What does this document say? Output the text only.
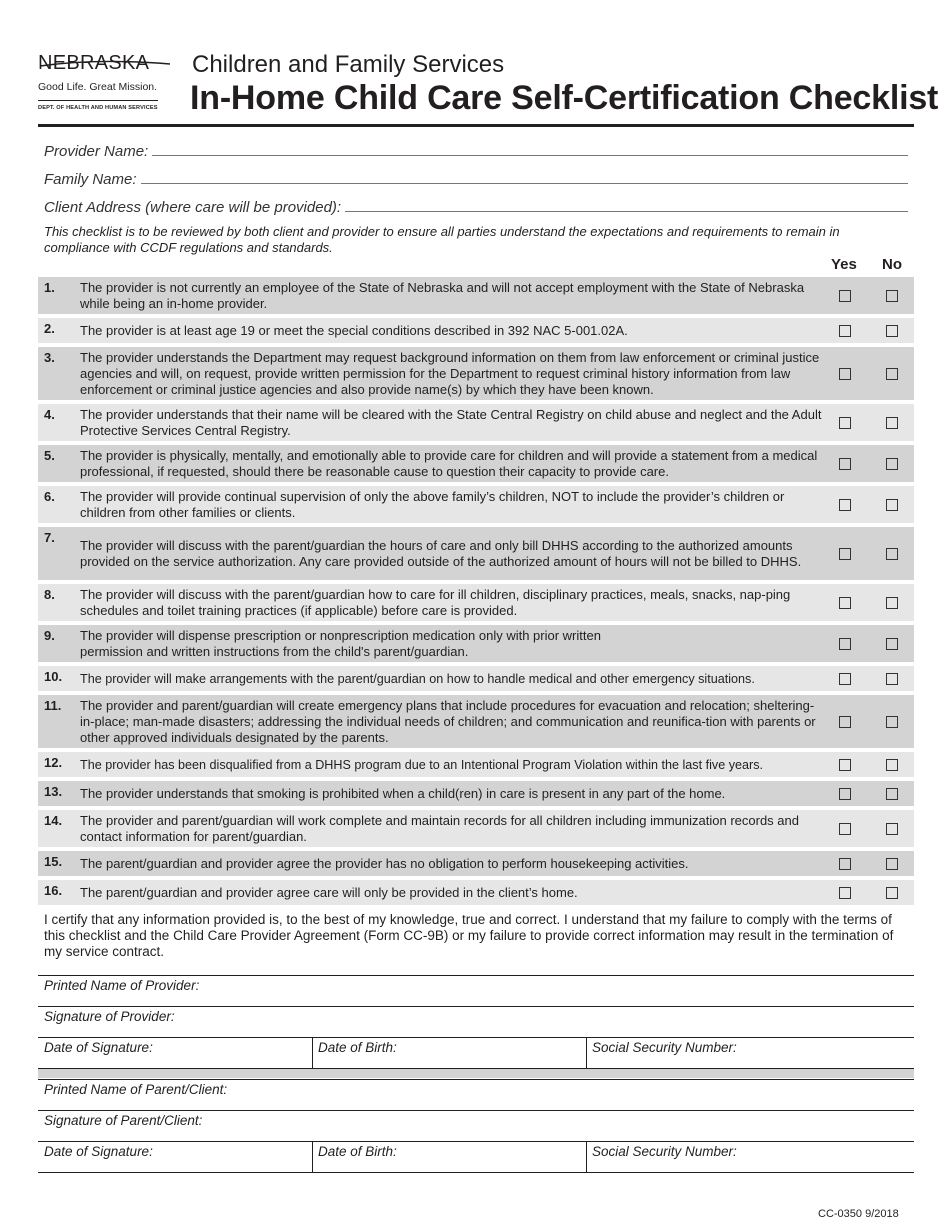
NEBRASKA
Good Life. Great Mission.
DEPT. OF HEALTH AND HUMAN SERVICES
Children and Family Services
In-Home Child Care Self-Certification Checklist
Provider Name:
Family Name:
Client Address (where care will be provided):
This checklist is to be reviewed by both client and provider to ensure all parties understand the expectations and requirements to remain in compliance with CCDF regulations and standards.
Yes No
1. The provider is not currently an employee of the State of Nebraska and will not accept employment with the State of Nebraska while being an in-home provider.
2. The provider is at least age 19 or meet the special conditions described in 392 NAC 5-001.02A.
3. The provider understands the Department may request background information on them from law enforcement or criminal justice agencies and will, on request, provide written permission for the Department to request criminal history information from law enforcement or criminal justice agencies and also provide name(s) by which they have been known.
4. The provider understands that their name will be cleared with the State Central Registry on child abuse and neglect and the Adult Protective Services Central Registry.
5. The provider is physically, mentally, and emotionally able to provide care for children and will provide a statement from a medical professional, if requested, should there be reasonable cause to question their capacity to provide care.
6. The provider will provide continual supervision of only the above family’s children, NOT to include the provider’s children or children from other families or clients.
7. The provider will discuss with the parent/guardian the hours of care and only bill DHHS according to the authorized amounts provided on the service authorization. Any care provided outside of the authorized amount of hours will not be billed to DHHS.
8. The provider will discuss with the parent/guardian how to care for ill children, disciplinary practices, meals, snacks, nap-ping schedules and toilet training practices (if applicable) before care is provided.
9. The provider will dispense prescription or nonprescription medication only with prior written permission and written instructions from the child's parent/guardian.
10. The provider will make arrangements with the parent/guardian on how to handle medical and other emergency situations.
11. The provider and parent/guardian will create emergency plans that include procedures for evacuation and relocation; sheltering-in-place; man-made disasters; addressing the individual needs of children; and communication and reunifica-tion with parents or other approved individuals designated by the parents.
12. The provider has been disqualified from a DHHS program due to an Intentional Program Violation within the last five years.
13. The provider understands that smoking is prohibited when a child(ren) in care is present in any part of the home.
14. The provider and parent/guardian will work complete and maintain records for all children including immunization records and contact information for parent/guardian.
15. The parent/guardian and provider agree the provider has no obligation to perform housekeeping activities.
16. The parent/guardian and provider agree care will only be provided in the client’s home.
I certify that any information provided is, to the best of my knowledge, true and correct. I understand that my failure to comply with the terms of this checklist and the Child Care Provider Agreement (Form CC-9B) or my failure to provide correct information may result in the termination of my service contract.
Printed Name of Provider:
Signature of Provider:
Date of Signature:	Date of Birth:	Social Security Number:
Printed Name of Parent/Client:
Signature of Parent/Client:
Date of Signature:	Date of Birth:	Social Security Number:
CC-0350 9/2018
